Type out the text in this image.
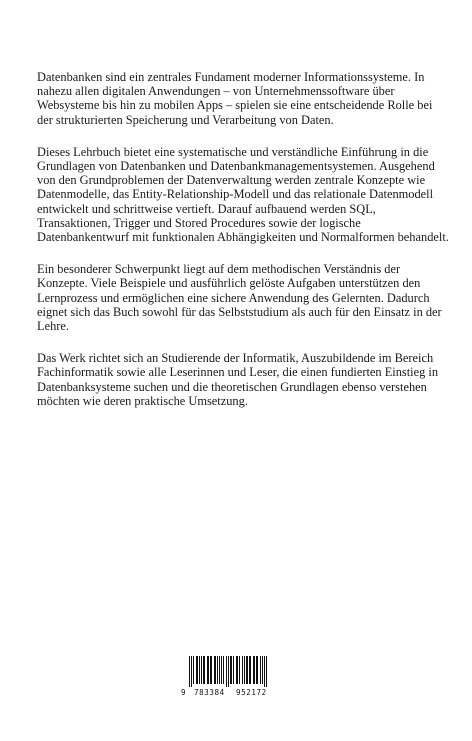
Datenbanken sind ein zentrales Fundament moderner Informationssysteme. In nahezu allen digitalen Anwendungen – von Unternehmenssoftware über Websysteme bis hin zu mobilen Apps – spielen sie eine entscheidende Rolle bei der strukturierten Speicherung und Verarbeitung von Daten.

Dieses Lehrbuch bietet eine systematische und verständliche Einführung in die Grundlagen von Datenbanken und Datenbankmanagementsystemen. Ausgehend von den Grundproblemen der Datenverwaltung werden zentrale Konzepte wie Datenmodelle, das Entity-Relationship-Modell und das relationale Datenmodell entwickelt und schrittweise vertieft. Darauf aufbauend werden SQL, Transaktionen, Trigger und Stored Procedures sowie der logische Datenbankentwurf mit funktionalen Abhängigkeiten und Normalformen behandelt.

Ein besonderer Schwerpunkt liegt auf dem methodischen Verständnis der Konzepte. Viele Beispiele und ausführlich gelöste Aufgaben unterstützen den Lernprozess und ermöglichen eine sichere Anwendung des Gelernten. Dadurch eignet sich das Buch sowohl für das Selbststudium als auch für den Einsatz in der Lehre.

Das Werk richtet sich an Studierende der Informatik, Auszubildende im Bereich Fachinformatik sowie alle Leserinnen und Leser, die einen fundierten Einstieg in Datenbanksysteme suchen und die theoretischen Grundlagen ebenso verstehen möchten wie deren praktische Umsetzung.

9 783384 952172
